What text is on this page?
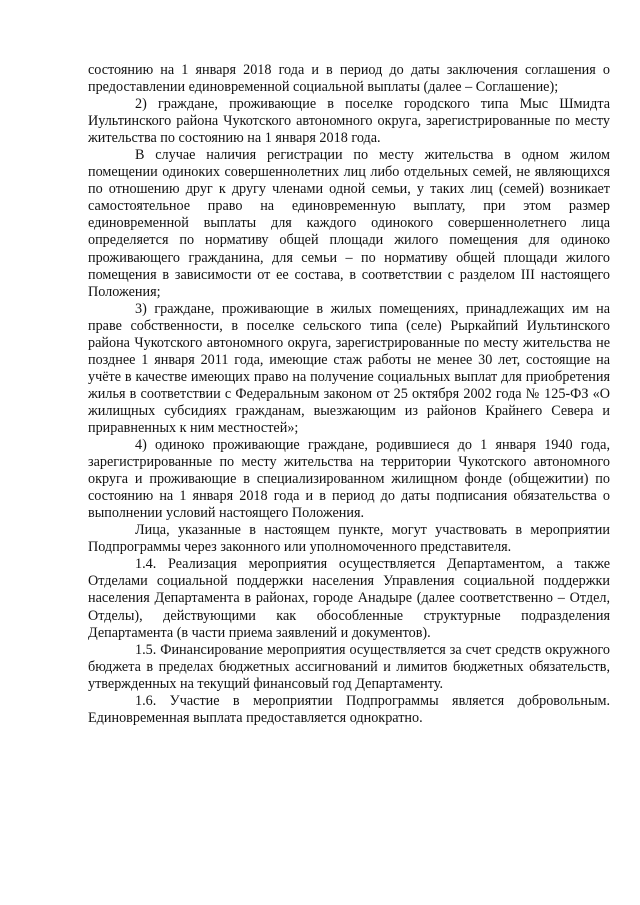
состоянию на 1 января 2018 года и в период до даты заключения соглашения о предоставлении единовременной социальной выплаты (далее – Соглашение);

2) граждане, проживающие в поселке городского типа Мыс Шмидта Иультинского района Чукотского автономного округа, зарегистрированные по месту жительства по состоянию на 1 января 2018 года.

В случае наличия регистрации по месту жительства в одном жилом помещении одиноких совершеннолетних лиц либо отдельных семей, не являющихся по отношению друг к другу членами одной семьи, у таких лиц (семей) возникает самостоятельное право на единовременную выплату, при этом размер единовременной выплаты для каждого одинокого совершеннолетнего лица определяется по нормативу общей площади жилого помещения для одиноко проживающего гражданина, для семьи – по нормативу общей площади жилого помещения в зависимости от ее состава, в соответствии с разделом III настоящего Положения;

3) граждане, проживающие в жилых помещениях, принадлежащих им на праве собственности, в поселке сельского типа (селе) Рыркайпий Иультинского района Чукотского автономного округа, зарегистрированные по месту жительства не позднее 1 января 2011 года, имеющие стаж работы не менее 30 лет, состоящие на учёте в качестве имеющих право на получение социальных выплат для приобретения жилья в соответствии с Федеральным законом от 25 октября 2002 года № 125-ФЗ «О жилищных субсидиях гражданам, выезжающим из районов Крайнего Севера и приравненных к ним местностей»;

4) одиноко проживающие граждане, родившиеся до 1 января 1940 года, зарегистрированные по месту жительства на территории Чукотского автономного округа и проживающие в специализированном жилищном фонде (общежитии) по состоянию на 1 января 2018 года и в период до даты подписания обязательства о выполнении условий настоящего Положения.

Лица, указанные в настоящем пункте, могут участвовать в мероприятии Подпрограммы через законного или уполномоченного представителя.

1.4. Реализация мероприятия осуществляется Департаментом, а также Отделами социальной поддержки населения Управления социальной поддержки населения Департамента в районах, городе Анадыре (далее соответственно – Отдел, Отделы), действующими как обособленные структурные подразделения Департамента (в части приема заявлений и документов).

1.5. Финансирование мероприятия осуществляется за счет средств окружного бюджета в пределах бюджетных ассигнований и лимитов бюджетных обязательств, утвержденных на текущий финансовый год Департаменту.

1.6. Участие в мероприятии Подпрограммы является добровольным. Единовременная выплата предоставляется однократно.
